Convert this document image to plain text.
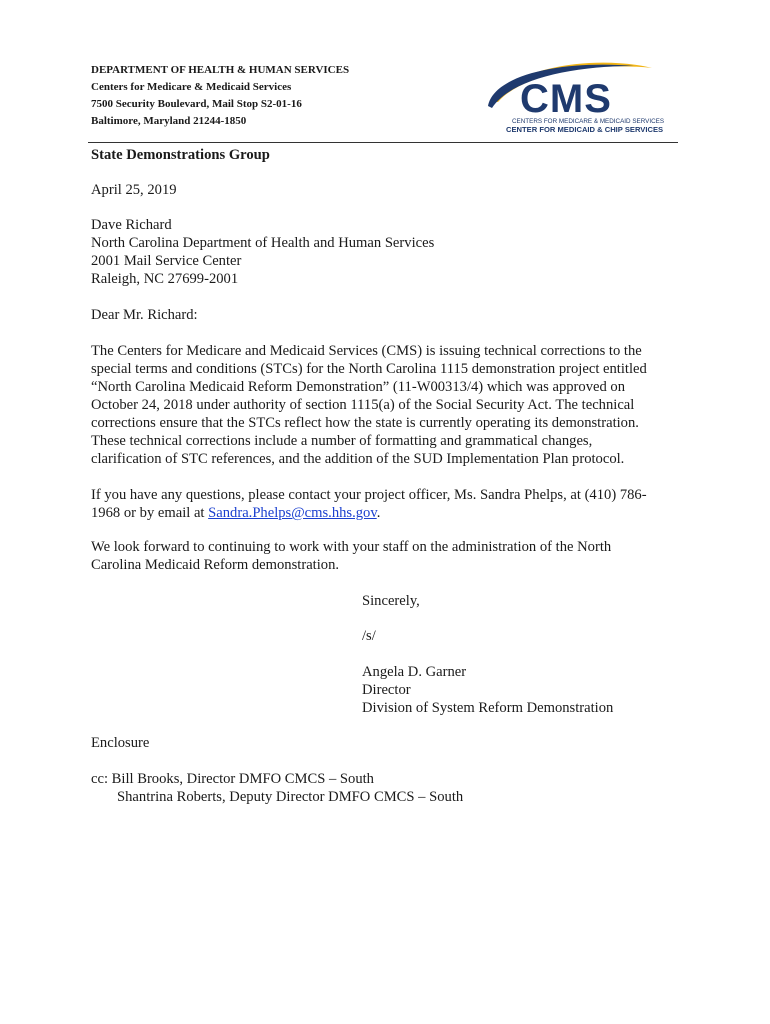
DEPARTMENT OF HEALTH & HUMAN SERVICES
Centers for Medicare & Medicaid Services
7500 Security Boulevard, Mail Stop S2-01-16
Baltimore, Maryland 21244-1850	CMS
CENTERS FOR MEDICARE & MEDICAID SERVICES
CENTER FOR MEDICAID & CHIP SERVICES
State Demonstrations Group
April 25, 2019
Dave Richard
North Carolina Department of Health and Human Services
2001 Mail Service Center
Raleigh, NC 27699-2001
Dear Mr. Richard:
The Centers for Medicare and Medicaid Services (CMS) is issuing technical corrections to the
special terms and conditions (STCs) for the North Carolina 1115 demonstration project entitled
“North Carolina Medicaid Reform Demonstration” (11-W00313/4) which was approved on
October 24, 2018 under authority of section 1115(a) of the Social Security Act. The technical
corrections ensure that the STCs reflect how the state is currently operating its demonstration.
These technical corrections include a number of formatting and grammatical changes,
clarification of STC references, and the addition of the SUD Implementation Plan protocol.
If you have any questions, please contact your project officer, Ms. Sandra Phelps, at (410) 786-
1968 or by email at Sandra.Phelps@cms.hhs.gov.
We look forward to continuing to work with your staff on the administration of the North
Carolina Medicaid Reform demonstration.
Sincerely,
/s/
Angela D. Garner
Director
Division of System Reform Demonstration
Enclosure
cc: Bill Brooks, Director DMFO CMCS – South
Shantrina Roberts, Deputy Director DMFO CMCS – South
